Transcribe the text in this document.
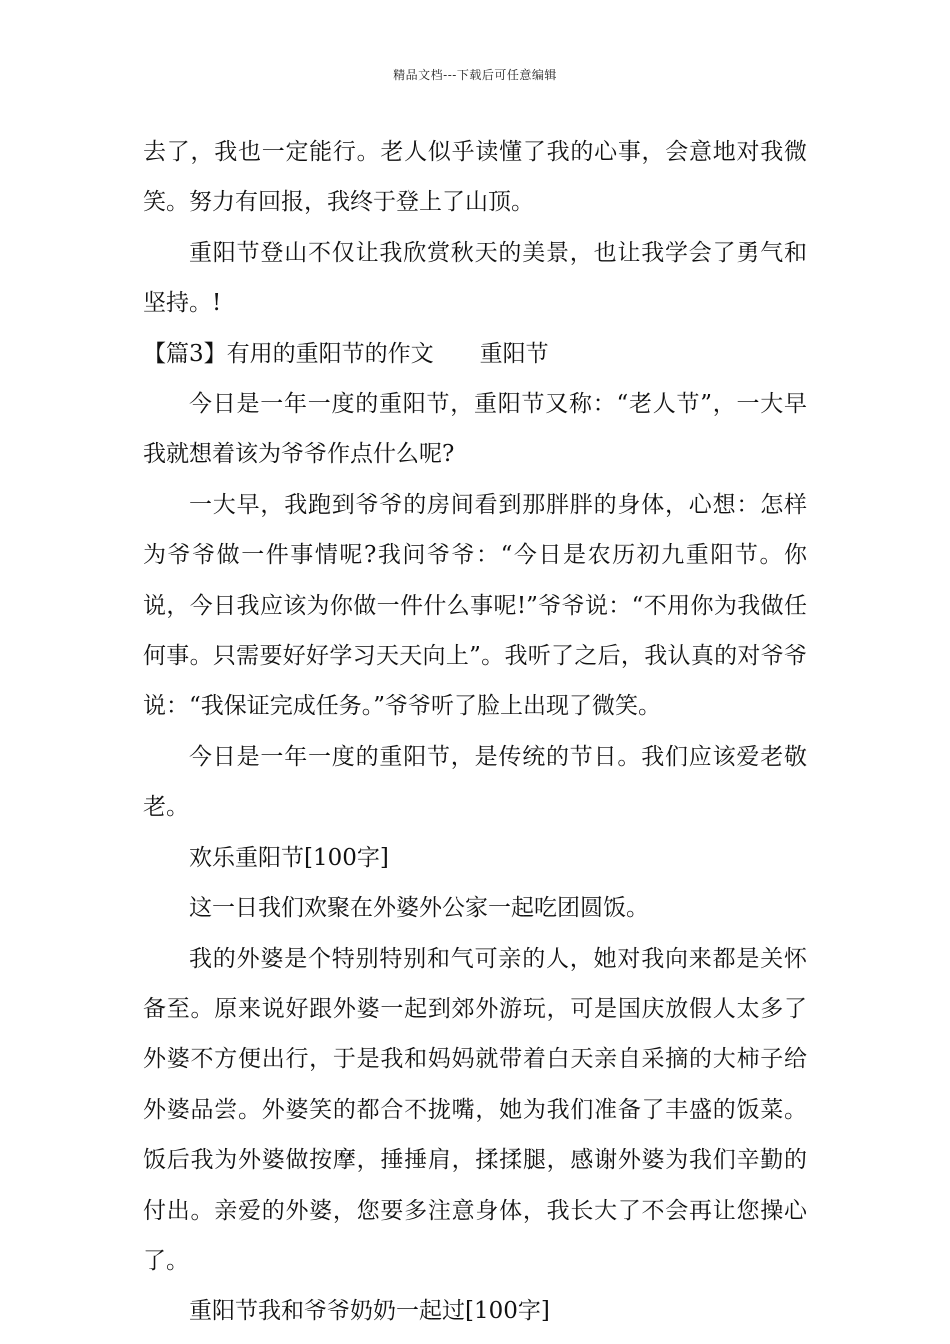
精品文档---下载后可任意编辑

去了，我也一定能行。老人似乎读懂了我的心事，会意地对我微笑。努力有回报，我终于登上了山顶。

重阳节登山不仅让我欣赏秋天的美景，也让我学会了勇气和坚持。!

【篇3】有用的重阳节的作文 重阳节

今日是一年一度的重阳节，重阳节又称：“老人节”，一大早我就想着该为爷爷作点什么呢?

一大早，我跑到爷爷的房间看到那胖胖的身体，心想：怎样为爷爷做一件事情呢?我问爷爷：“今日是农历初九重阳节。你说，今日我应该为你做一件什么事呢!”爷爷说：“不用你为我做任何事。只需要好好学习天天向上”。我听了之后，我认真的对爷爷说：“我保证完成任务。”爷爷听了脸上出现了微笑。

今日是一年一度的重阳节，是传统的节日。我们应该爱老敬老。

欢乐重阳节[100字]

这一日我们欢聚在外婆外公家一起吃团圆饭。

我的外婆是个特别特别和气可亲的人，她对我向来都是关怀备至。原来说好跟外婆一起到郊外游玩，可是国庆放假人太多了外婆不方便出行，于是我和妈妈就带着白天亲自采摘的大柿子给外婆品尝。外婆笑的都合不拢嘴，她为我们准备了丰盛的饭菜。饭后我为外婆做按摩，捶捶肩，揉揉腿，感谢外婆为我们辛勤的付出。亲爱的外婆，您要多注意身体，我长大了不会再让您操心了。

重阳节我和爷爷奶奶一起过[100字]
